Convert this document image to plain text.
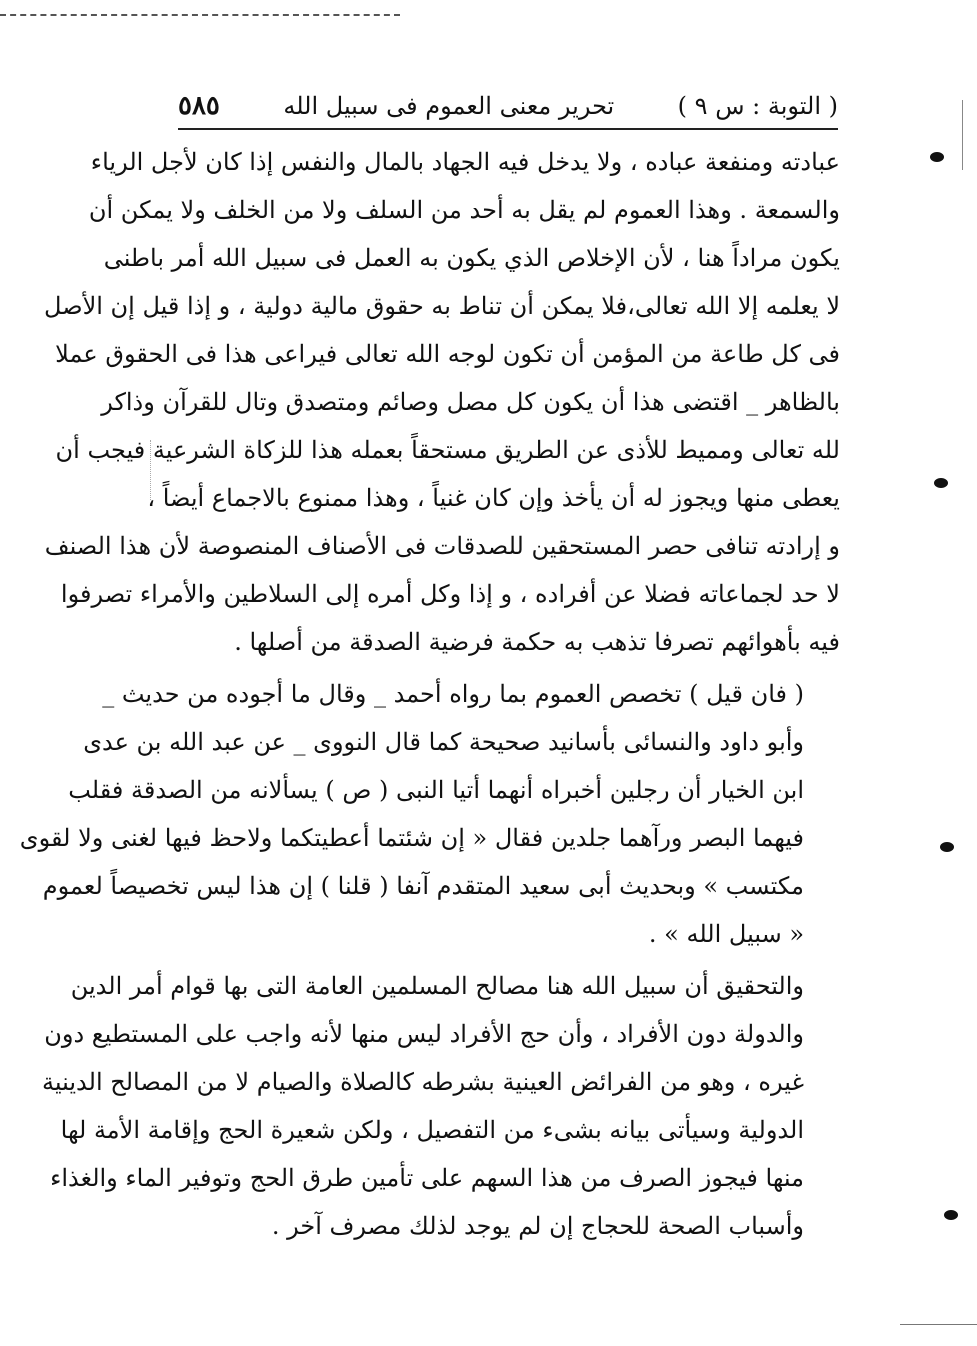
( التوبة : س ٩ )
تحرير معنى العموم فى سبيل الله
٥٨٥
عبادته ومنفعة عباده ، ولا يدخل فيه الجهاد بالمال والنفس إذا كان لأجل الرياء
والسمعة . وهذا العموم لم يقل به أحد من السلف ولا من الخلف ولا يمكن أن
يكون مراداً هنا ، لأن الإخلاص الذي يكون به العمل فى سبيل الله أمر باطنى
لا يعلمه إلا الله تعالى،فلا يمكن أن تناط به حقوق مالية دولية ، و إذا قيل إن الأصل
فى كل طاعة من المؤمن أن تكون لوجه الله تعالى فيراعى هذا فى الحقوق عملا
بالظاهر _ اقتضى هذا أن يكون كل مصل وصائم ومتصدق وتال للقرآن وذاكر
لله تعالى ومميط للأذى عن الطريق مستحقاً بعمله هذا للزكاة الشرعية فيجب أن
يعطى منها ويجوز له أن يأخذ وإن كان غنياً ، وهذا ممنوع بالاجماع أيضاً ،
و إرادته تنافى حصر المستحقين للصدقات فى الأصناف المنصوصة لأن هذا الصنف
لا حد لجماعاته فضلا عن أفراده ، و إذا وكل أمره إلى السلاطين والأمراء تصرفوا
فيه بأهوائهم تصرفا تذهب به حكمة فرضية الصدقة من أصلها .
( فان قيل ) تخصص العموم بما رواه أحمد _ وقال ما أجوده من حديث _
وأبو داود والنسائى بأسانيد صحيحة كما قال النووى _ عن عبد الله بن عدى
ابن الخيار أن رجلين أخبراه أنهما أتيا النبى ( ص ) يسألانه من الصدقة فقلب
فيهما البصر ورآهما جلدين فقال « إن شئتما أعطيتكما ولاحظ فيها لغنى ولا لقوى
مكتسب » وبحديث أبى سعيد المتقدم آنفا ( قلنا ) إن هذا ليس تخصيصاً لعموم
« سبيل الله » .
والتحقيق أن سبيل الله هنا مصالح المسلمين العامة التى بها قوام أمر الدين
والدولة دون الأفراد ، وأن حج الأفراد ليس منها لأنه واجب على المستطيع دون
غيره ، وهو من الفرائض العينية بشرطه كالصلاة والصيام لا من المصالح الدينية
الدولية وسيأتى بيانه بشىء من التفصيل ، ولكن شعيرة الحج وإقامة الأمة لها
منها فيجوز الصرف من هذا السهم على تأمين طرق الحج وتوفير الماء والغذاء
وأسباب الصحة للحجاج إن لم يوجد لذلك مصرف آخر .
